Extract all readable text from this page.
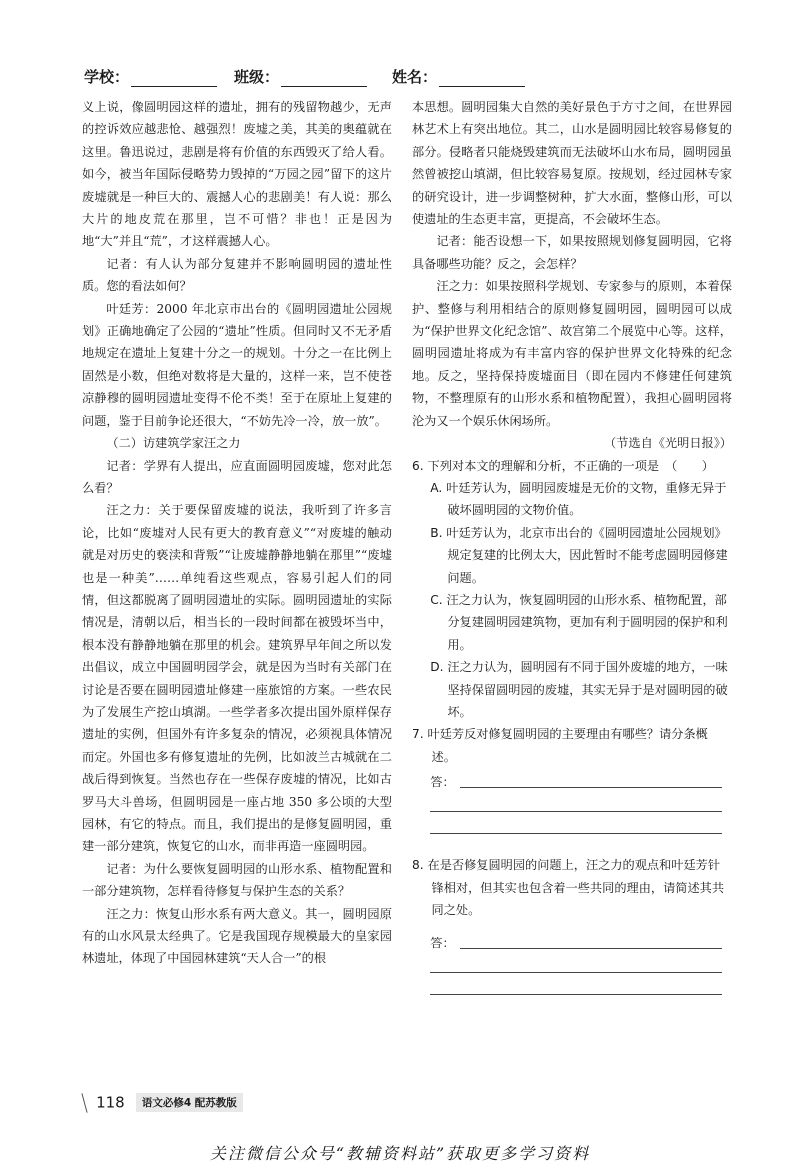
学校：	班级：	姓名：

义上说，像圆明园这样的遗址，拥有的残留物越少，无声的控诉效应越悲怆、越强烈！废墟之美，其美的奥蕴就在这里。鲁迅说过，悲剧是将有价值的东西毁灭了给人看。如今，被当年国际侵略势力毁掉的“万园之园”留下的这片废墟就是一种巨大的、震撼人心的悲剧美！有人说：那么大片的地皮荒在那里，岂不可惜？非也！正是因为地“大”并且“荒”，才这样震撼人心。

记者：有人认为部分复建并不影响圆明园的遗址性质。您的看法如何？

叶廷芳：2000 年北京市出台的《圆明园遗址公园规划》正确地确定了公园的“遗址”性质。但同时又不无矛盾地规定在遗址上复建十分之一的规划。十分之一在比例上固然是小数，但绝对数将是大量的，这样一来，岂不使苍凉静穆的圆明园遗址变得不伦不类！至于在原址上复建的问题，鉴于目前争论还很大，“不妨先冷一冷，放一放”。

（二）访建筑学家汪之力

记者：学界有人提出，应直面圆明园废墟，您对此怎么看？

汪之力：关于要保留废墟的说法，我听到了许多言论，比如“废墟对人民有更大的教育意义”“对废墟的触动就是对历史的亵渎和背叛”“让废墟静静地躺在那里”“废墟也是一种美”……单纯看这些观点，容易引起人们的同情，但这都脱离了圆明园遗址的实际。圆明园遗址的实际情况是，清朝以后，相当长的一段时间都在被毁坏当中，根本没有静静地躺在那里的机会。建筑界早年间之所以发出倡议，成立中国圆明园学会，就是因为当时有关部门在讨论是否要在圆明园遗址修建一座旅馆的方案。一些农民为了发展生产挖山填湖。一些学者多次提出国外原样保存遗址的实例，但国外有许多复杂的情况，必须视具体情况而定。外国也多有修复遗址的先例，比如波兰古城就在二战后得到恢复。当然也存在一些保存废墟的情况，比如古罗马大斗兽场，但圆明园是一座占地 350 多公顷的大型园林，有它的特点。而且，我们提出的是修复圆明园，重建一部分建筑，恢复它的山水，而非再造一座圆明园。

记者：为什么要恢复圆明园的山形水系、植物配置和一部分建筑物，怎样看待修复与保护生态的关系？

汪之力：恢复山形水系有两大意义。其一，圆明园原有的山水风景太经典了。它是我国现存规模最大的皇家园林遗址，体现了中国园林建筑“天人合一”的根

本思想。圆明园集大自然的美好景色于方寸之间，在世界园林艺术上有突出地位。其二，山水是圆明园比较容易修复的部分。侵略者只能烧毁建筑而无法破坏山水布局，圆明园虽然曾被挖山填湖，但比较容易复原。按规划，经过园林专家的研究设计，进一步调整树种，扩大水面，整修山形，可以使遗址的生态更丰富，更提高，不会破坏生态。

记者：能否设想一下，如果按照规划修复圆明园，它将具备哪些功能？反之，会怎样？

汪之力：如果按照科学规划、专家参与的原则，本着保护、整修与利用相结合的原则修复圆明园，圆明园可以成为“保护世界文化纪念馆”、故宫第二个展览中心等。这样，圆明园遗址将成为有丰富内容的保护世界文化特殊的纪念地。反之，坚持保持废墟面目（即在园内不修建任何建筑物，不整理原有的山形水系和植物配置），我担心圆明园将沦为又一个娱乐休闲场所。

（节选自《光明日报》）

6. 下列对本文的理解和分析，不正确的一项是　（　　）

A. 叶廷芳认为，圆明园废墟是无价的文物，重修无异于破坏圆明园的文物价值。

B. 叶廷芳认为，北京市出台的《圆明园遗址公园规划》规定复建的比例太大，因此暂时不能考虑圆明园修建问题。

C. 汪之力认为，恢复圆明园的山形水系、植物配置，部分复建圆明园建筑物，更加有利于圆明园的保护和利用。

D. 汪之力认为，圆明园有不同于国外废墟的地方，一味坚持保留圆明园的废墟，其实无异于是对圆明园的破坏。

7. 叶廷芳反对修复圆明园的主要理由有哪些？请分条概述。

答：

8. 在是否修复圆明园的问题上，汪之力的观点和叶廷芳针锋相对，但其实也包含着一些共同的理由，请简述其共同之处。

答：
118 语文必修4 配苏教版
关注微信公众号“教辅资料站”获取更多学习资料
